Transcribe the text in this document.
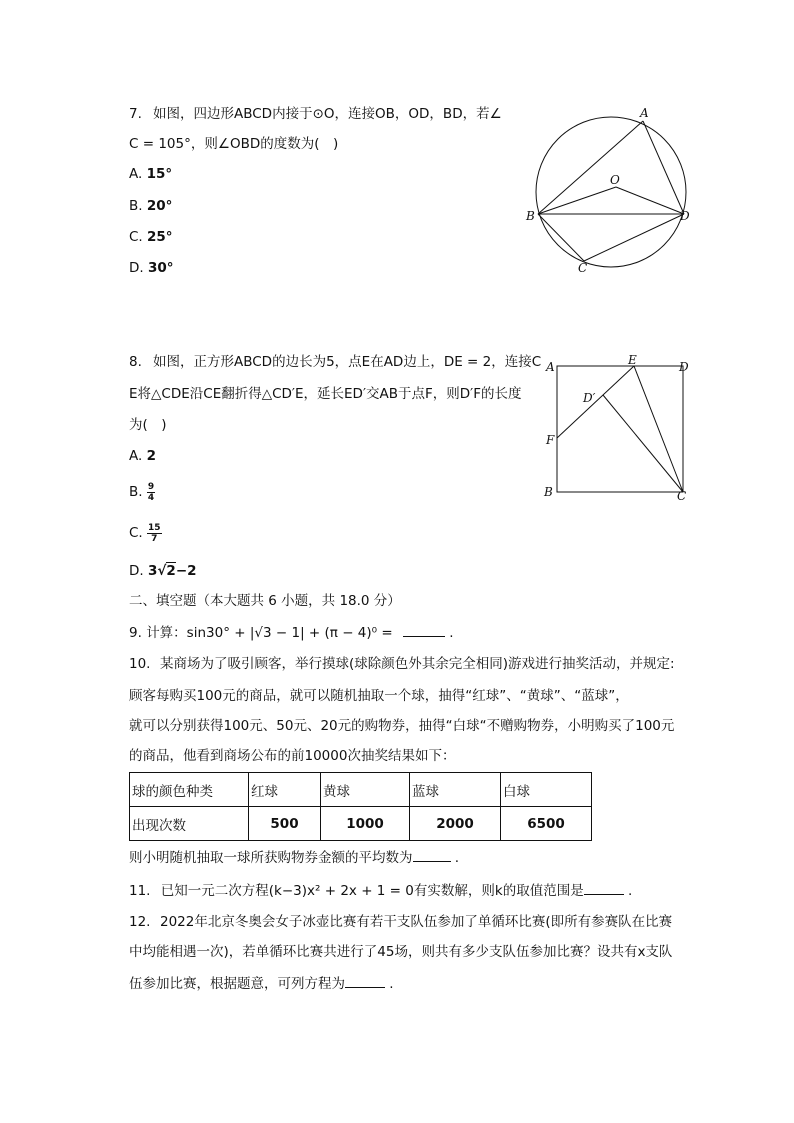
7. 如图，四边形ABCD内接于⊙O，连接OB，OD，BD，若∠
C = 105°，则∠OBD的度数为(　)
A. 15°
B. 20°
C. 25°
D. 30°
A
B
C
D
O
8. 如图，正方形ABCD的边长为5，点E在AD边上，DE = 2，连接C
E将△CDE沿CE翻折得△CD′E，延长ED′交AB于点F，则D′F的长度
为(　)
A. 2
B. $\frac{9}{4}$
C. $\frac{15}{7}$
D. 3√2−2
A	E	D
D′
F
B	C
二、填空题（本大题共 6 小题，共 18.0 分）
9. 计算：sin30° + |√3 − 1| + (π − 4)⁰ =	.
10. 某商场为了吸引顾客，举行摸球(球除颜色外其余完全相同)游戏进行抽奖活动，并规定:
顾客每购买100元的商品，就可以随机抽取一个球，抽得“红球”、“黄球”、“蓝球”，
就可以分别获得100元、50元、20元的购物券，抽得“白球“不赠购物券，小明购买了100元
的商品，他看到商场公布的前10000次抽奖结果如下：
球的颜色种类	红球	黄球	蓝球	白球
出现次数	500	1000	2000	6500
则小明随机抽取一球所获购物券金额的平均数为	.
11. 已知一元二次方程(k−3)x² + 2x + 1 = 0有实数解，则k的取值范围是	.
12. 2022年北京冬奥会女子冰壶比赛有若干支队伍参加了单循环比赛(即所有参赛队在比赛
中均能相遇一次)，若单循环比赛共进行了45场，则共有多少支队伍参加比赛？设共有x支队
伍参加比赛，根据题意，可列方程为	.
